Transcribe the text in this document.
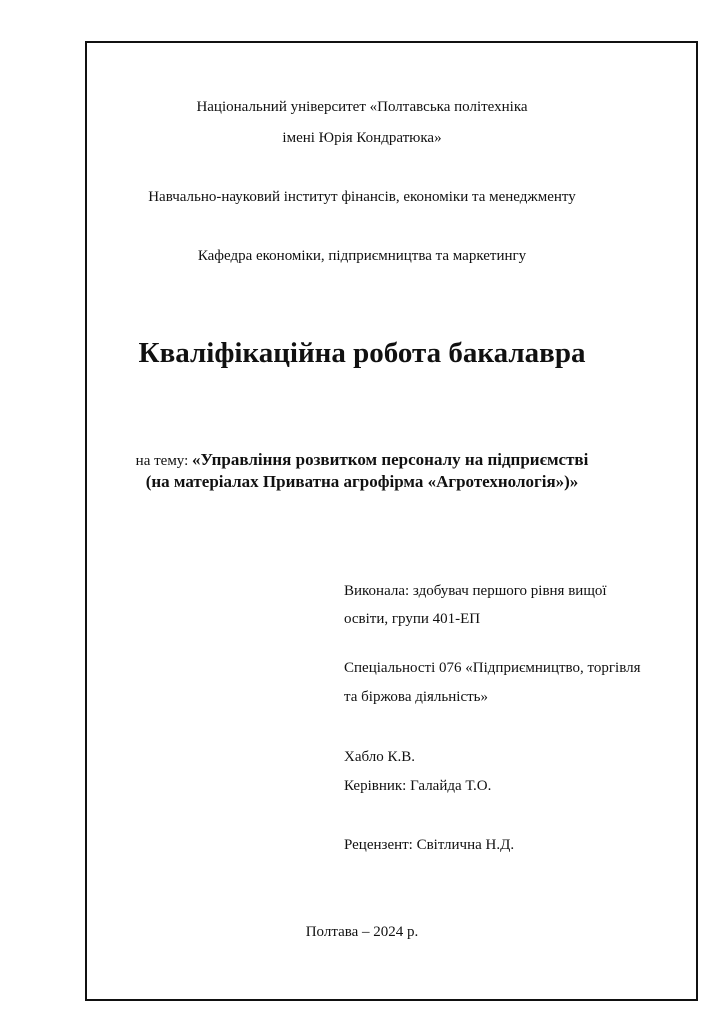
Національний університет «Полтавська політехніка
імені Юрія Кондратюка»
Навчально-науковий інститут фінансів, економіки та менеджменту
Кафедра економіки, підприємництва та маркетингу
Кваліфікаційна робота бакалавра
на тему: «Управління розвитком персоналу на підприємстві
(на матеріалах Приватна агрофірма «Агротехнологія»)»
Виконала: здобувач першого рівня вищої
освіти, групи 401-ЕП
Спеціальності 076 «Підприємництво, торгівля
та біржова діяльність»
Хабло К.В.
Керівник: Галайда Т.О.
Рецензент: Світлична Н.Д.
Полтава – 2024 р.
